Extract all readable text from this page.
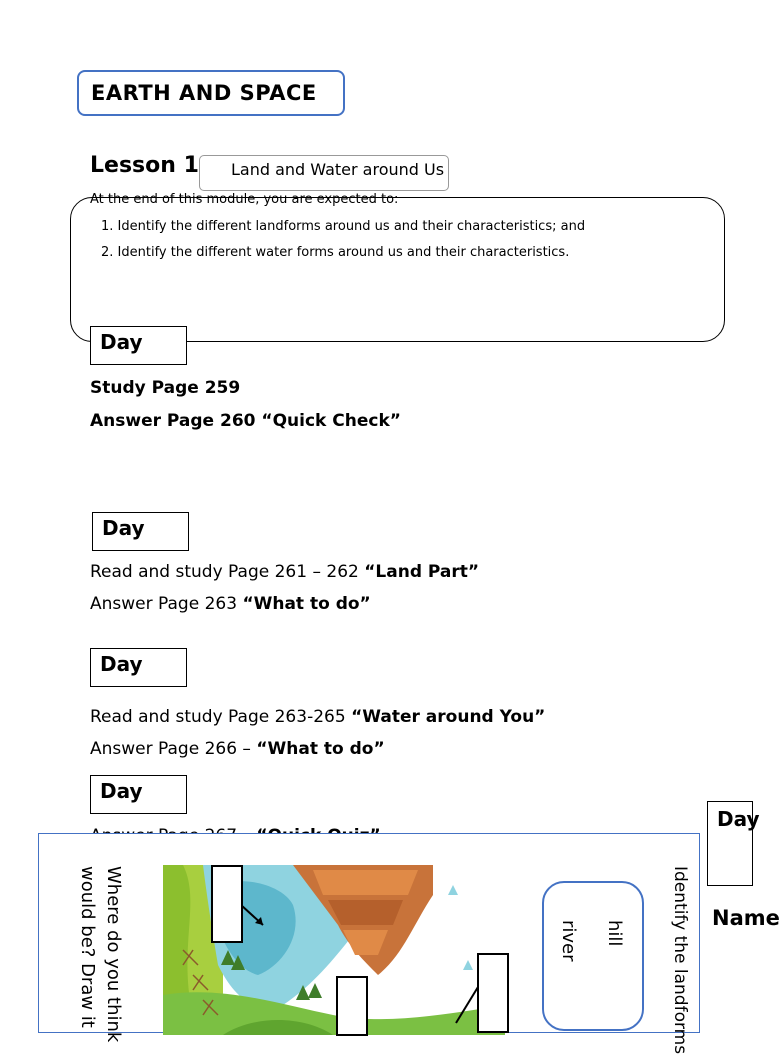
EARTH AND SPACE
Lesson 1 Land and Water around Us
At the end of this module, you are expected to:
1. Identify the different landforms around us and their characteristics; and
2. Identify the different water forms around us and their characteristics.
Day
Study Page 259
Answer Page 260 “Quick Check”
Day
Read and study Page 261 – 262 “Land Part”
Answer Page 263 “What to do”
Day
Read and study Page 263-265 “Water around You”
Answer Page 266 – “What to do”
Day
Day
Name
Where do you think
would be? Draw it	hill
river	Identify the landforms
